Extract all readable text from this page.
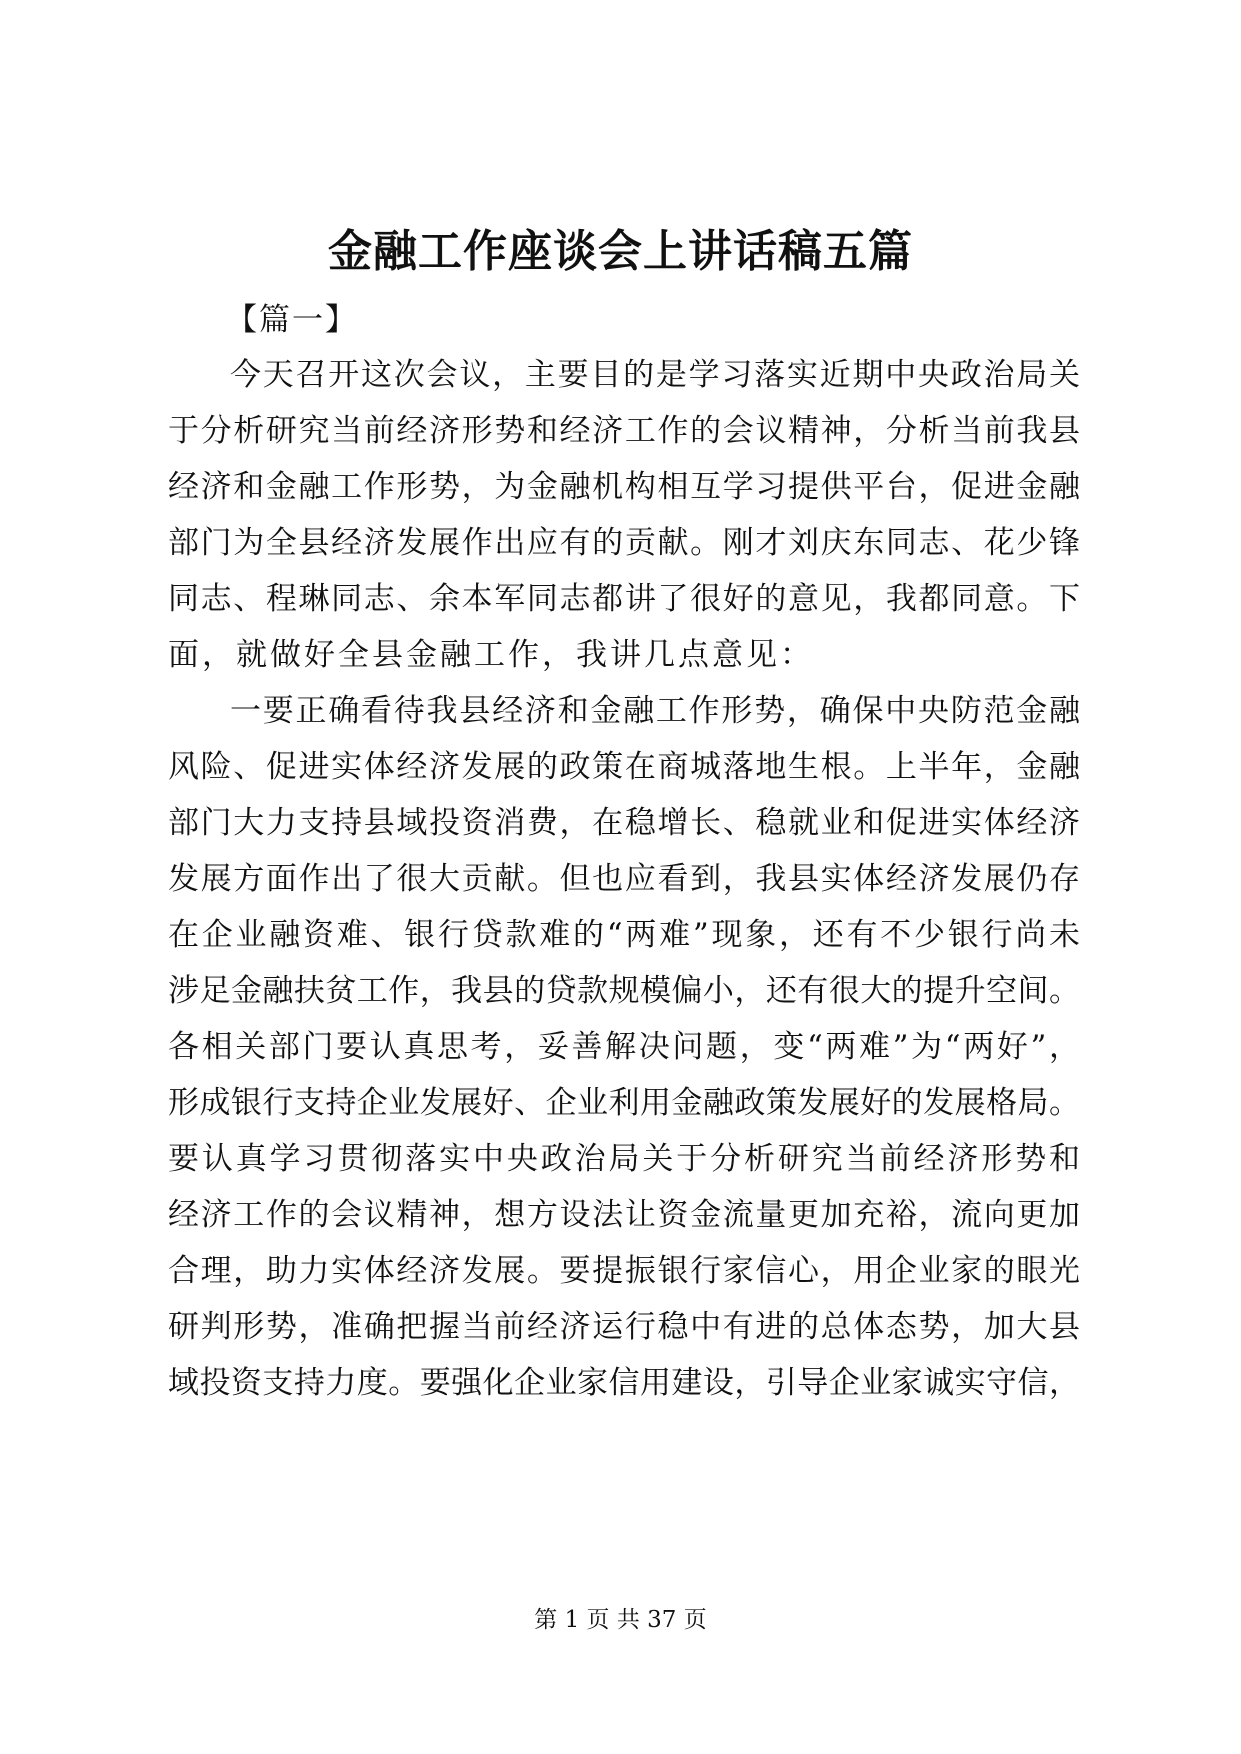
金融工作座谈会上讲话稿五篇
【篇一】
今天召开这次会议，主要目的是学习落实近期中央政治局关
于分析研究当前经济形势和经济工作的会议精神，分析当前我县
经济和金融工作形势，为金融机构相互学习提供平台，促进金融
部门为全县经济发展作出应有的贡献。刚才刘庆东同志、花少锋
同志、程琳同志、余本军同志都讲了很好的意见，我都同意。下
面，就做好全县金融工作，我讲几点意见：
一要正确看待我县经济和金融工作形势，确保中央防范金融
风险、促进实体经济发展的政策在商城落地生根。上半年，金融
部门大力支持县域投资消费，在稳增长、稳就业和促进实体经济
发展方面作出了很大贡献。但也应看到，我县实体经济发展仍存
在企业融资难、银行贷款难的“两难”现象，还有不少银行尚未
涉足金融扶贫工作，我县的贷款规模偏小，还有很大的提升空间。
各相关部门要认真思考，妥善解决问题，变“两难”为“两好”，
形成银行支持企业发展好、企业利用金融政策发展好的发展格局。
要认真学习贯彻落实中央政治局关于分析研究当前经济形势和
经济工作的会议精神，想方设法让资金流量更加充裕，流向更加
合理，助力实体经济发展。要提振银行家信心，用企业家的眼光
研判形势，准确把握当前经济运行稳中有进的总体态势，加大县
域投资支持力度。要强化企业家信用建设，引导企业家诚实守信，
第 1 页 共 37 页
